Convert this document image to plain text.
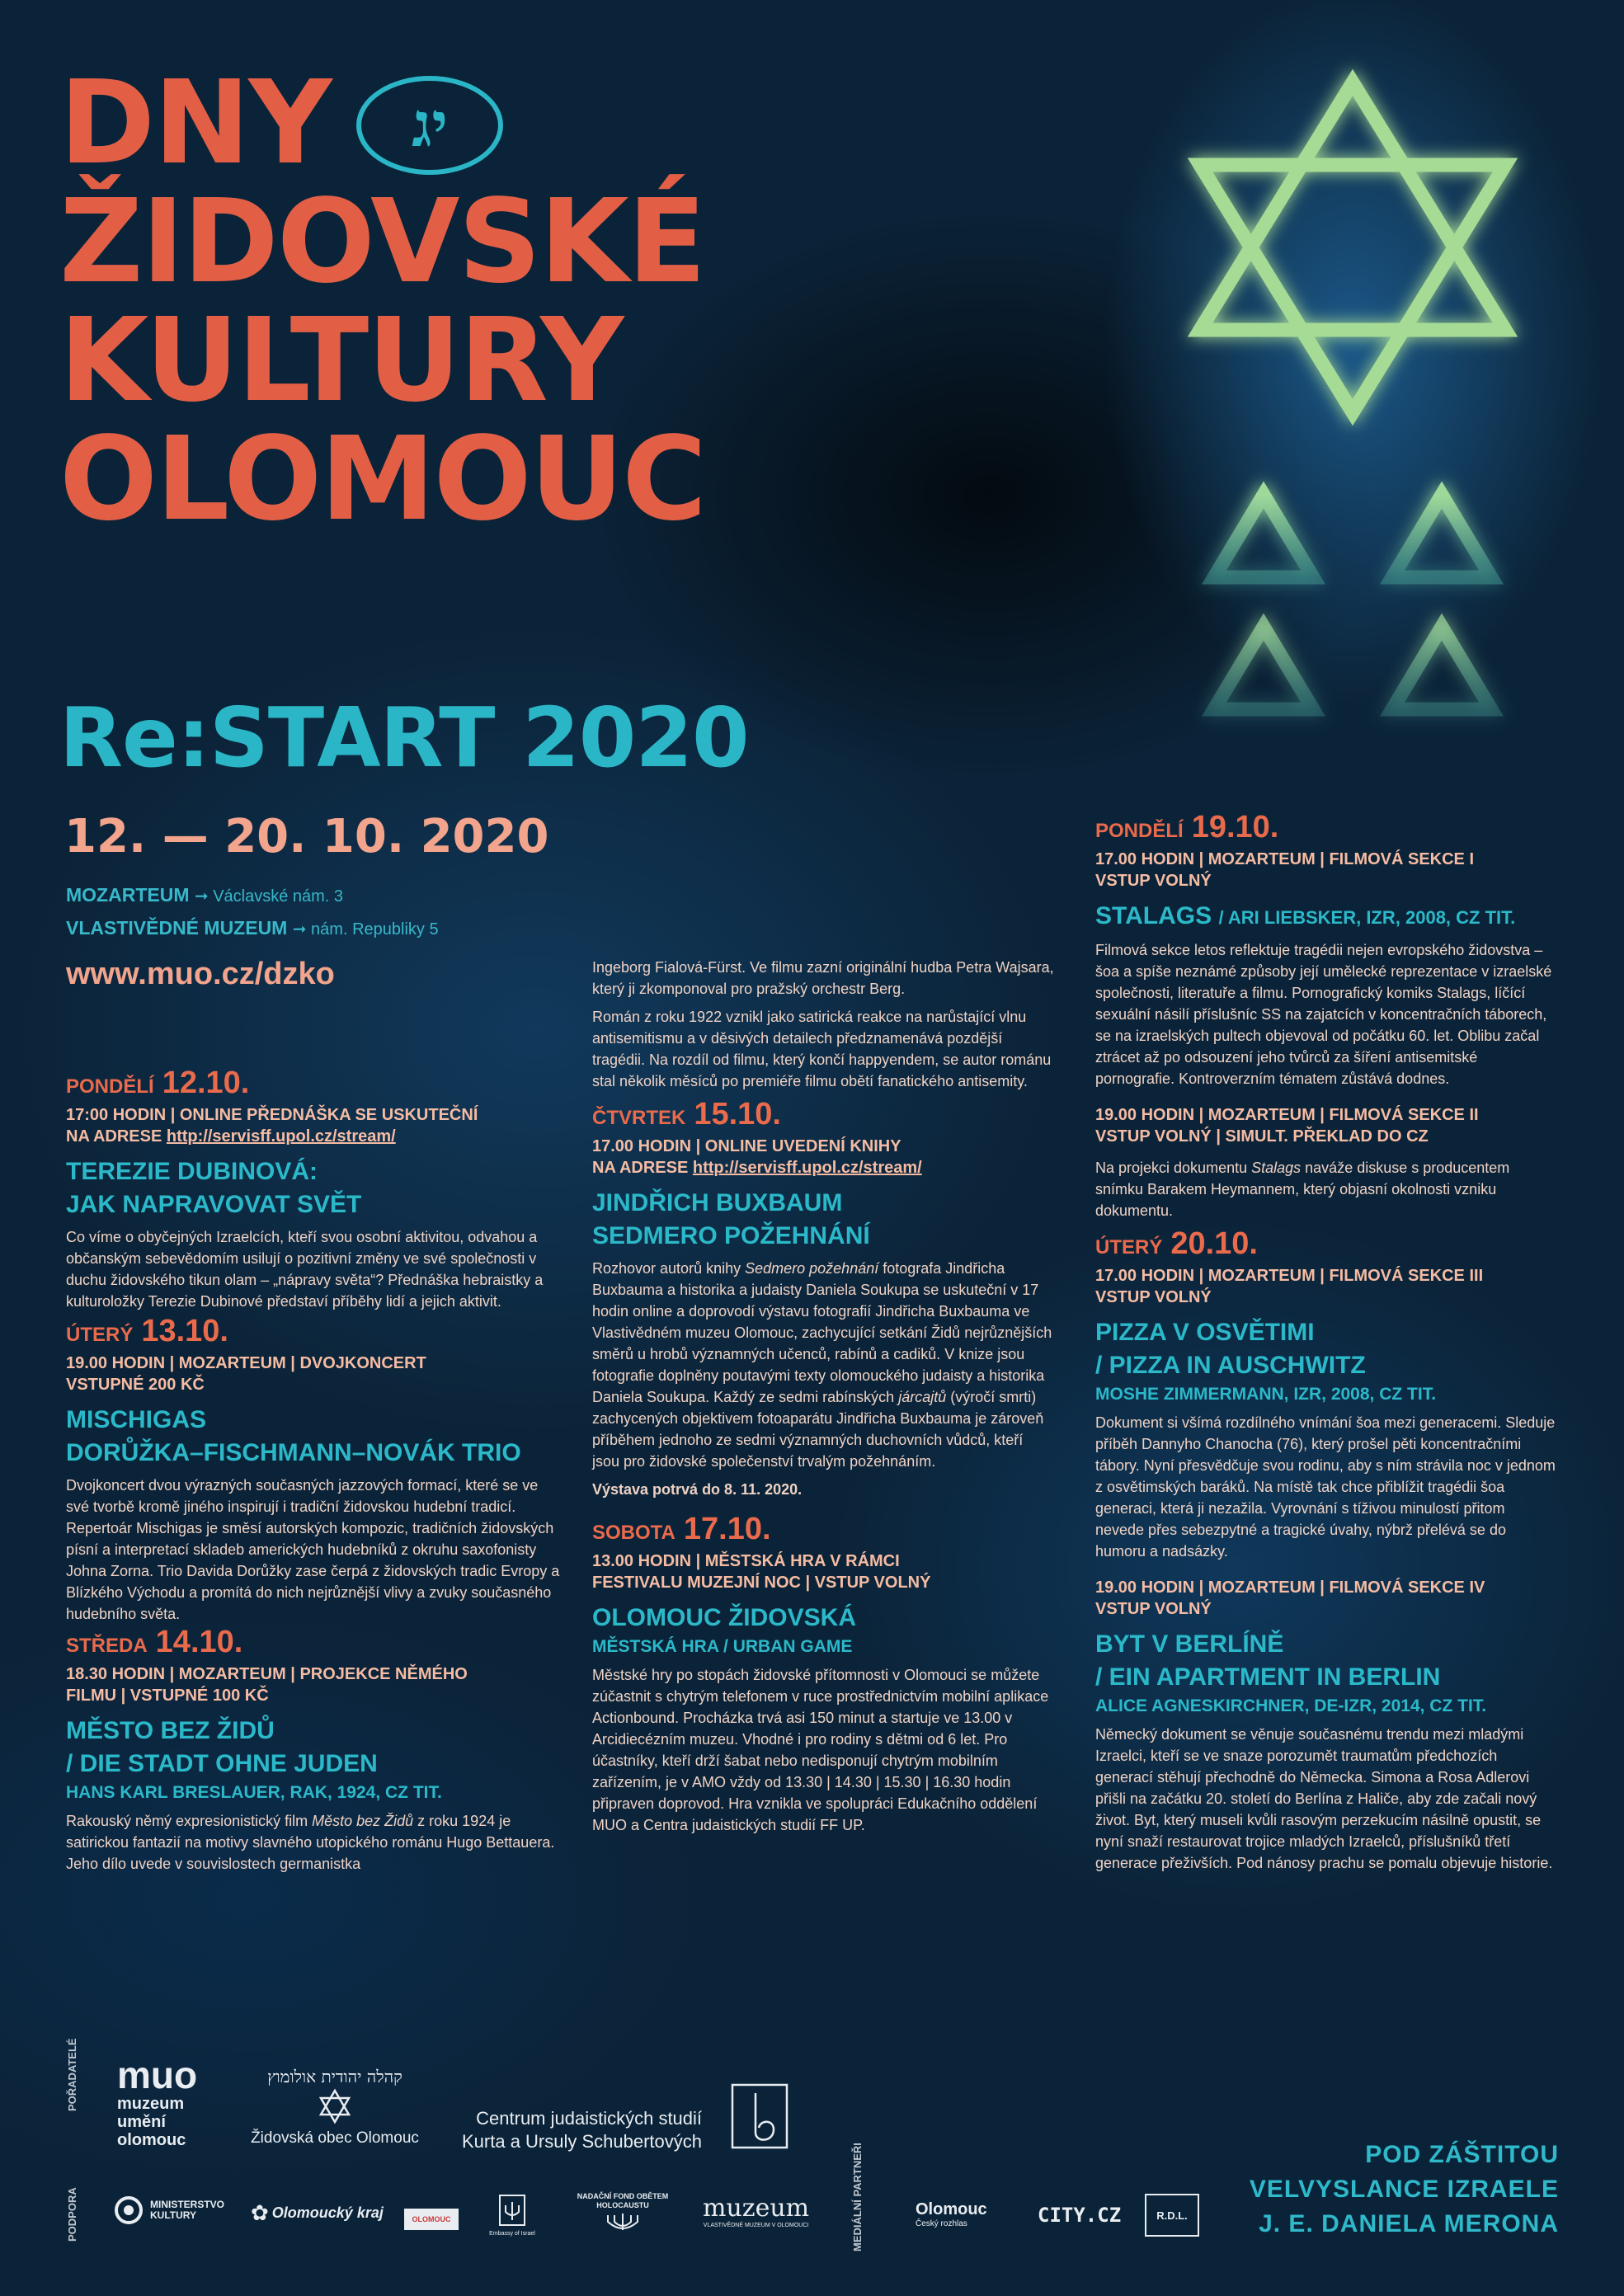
DNY
ŽIDOVSKÉ
KULTURY
OLOMOUC
יג
Re:START 2020
12. — 20. 10. 2020
MOZARTEUM ➞ Václavské nám. 3
VLASTIVĚDNÉ MUZEUM ➞ nám. Republiky 5
www.muo.cz/dzko
PONDĚLÍ 12.10.
17:00 HODIN | ONLINE PŘEDNÁŠKA SE USKUTEČNÍ
NA ADRESE http://servisff.upol.cz/stream/
TEREZIE DUBINOVÁ:
JAK NAPRAVOVAT SVĚT

Co víme o obyčejných Izraelcích, kteří svou osobní aktivitou, odvahou a občanským sebevědomím usilují o pozitivní změny ve své společnosti v duchu židovského tikun olam – „nápravy světa“? Přednáška hebraistky a kulturoložky Terezie Dubinové představí příběhy lidí a jejich aktivit.

ÚTERÝ 13.10.
19.00 HODIN | MOZARTEUM | DVOJKONCERT
VSTUPNÉ 200 KČ
MISCHIGAS
DORŮŽKA–FISCHMANN–NOVÁK TRIO

Dvojkoncert dvou výrazných současných jazzových formací, které se ve své tvorbě kromě jiného inspirují i tradiční židovskou hudební tradicí. Repertoár Mischigas je směsí autorských kompozic, tradičních židovských písní a interpretací skladeb amerických hudebníků z okruhu saxofonisty Johna Zorna. Trio Davida Dorůžky zase čerpá z židovských tradic Evropy a Blízkého Východu a promítá do nich nejrůznější vlivy a zvuky současného hudebního světa.

STŘEDA 14.10.
18.30 HODIN | MOZARTEUM | PROJEKCE NĚMÉHO
FILMU | VSTUPNÉ 100 KČ
MĚSTO BEZ ŽIDŮ
/ DIE STADT OHNE JUDEN
HANS KARL BRESLAUER, RAK, 1924, CZ TIT.

Rakouský němý expresionistický film Město bez Židů z roku 1924 je satirickou fantazií na motivy slavného utopického románu Hugo Bettauera. Jeho dílo uvede v souvislostech germanistka

Ingeborg Fialová-Fürst. Ve filmu zazní originální hudba Petra Wajsara, který ji zkomponoval pro pražský orchestr Berg.

Román z roku 1922 vznikl jako satirická reakce na narůstající vlnu antisemitismu a v děsivých detailech předznamenává pozdější tragédii. Na rozdíl od filmu, který končí happyendem, se autor románu stal několik měsíců po premiéře filmu obětí fanatického antisemity.

ČTVRTEK 15.10.
17.00 HODIN | ONLINE UVEDENÍ KNIHY
NA ADRESE http://servisff.upol.cz/stream/
JINDŘICH BUXBAUM
SEDMERO POŽEHNÁNÍ

Rozhovor autorů knihy Sedmero požehnání fotografa Jindřicha Buxbauma a historika a judaisty Daniela Soukupa se uskuteční v 17 hodin online a doprovodí výstavu fotografií Jindřicha Buxbauma ve Vlastivědném muzeu Olomouc, zachycující setkání Židů nejrůznějších směrů u hrobů významných učenců, rabínů a cadiků. V knize jsou fotografie doplněny poutavými texty olomouckého judaisty a historika Daniela Soukupa. Každý ze sedmi rabínských járcajtů (výročí smrti) zachycených objektivem fotoaparátu Jindřicha Buxbauma je zároveň příběhem jednoho ze sedmi významných duchovních vůdců, kteří jsou pro židovské společenství trvalým požehnáním.

Výstava potrvá do 8. 11. 2020.

SOBOTA 17.10.
13.00 HODIN | MĚSTSKÁ HRA V RÁMCI
FESTIVALU MUZEJNÍ NOC | VSTUP VOLNÝ
OLOMOUC ŽIDOVSKÁ
MĚSTSKÁ HRA / URBAN GAME

Městské hry po stopách židovské přítomnosti v Olomouci se můžete zúčastnit s chytrým telefonem v ruce prostřednictvím mobilní aplikace Actionbound. Procházka trvá asi 150 minut a startuje ve 13.00 v Arcidiecézním muzeu. Vhodné i pro rodiny s dětmi od 6 let. Pro účastníky, kteří drží šabat nebo nedisponují chytrým mobilním zařízením, je v AMO vždy od 13.30 | 14.30 | 15.30 | 16.30 hodin připraven doprovod. Hra vznikla ve spolupráci Edukačního oddělení MUO a Centra judaistických studií FF UP.

PONDĚLÍ 19.10.
17.00 HODIN | MOZARTEUM | FILMOVÁ SEKCE I
VSTUP VOLNÝ
STALAGS / ARI LIEBSKER, IZR, 2008, CZ TIT.

Filmová sekce letos reflektuje tragédii nejen evropského židovstva – šoa a spíše neznámé způsoby její umělecké reprezentace v izraelské společnosti, literatuře a filmu. Pornografický komiks Stalags, líčící sexuální násilí příslušníc SS na zajatcích v koncentračních táborech, se na izraelských pultech objevoval od počátku 60. let. Oblibu začal ztrácet až po odsouzení jeho tvůrců za šíření antisemitské pornografie. Kontroverzním tématem zůstává dodnes.

19.00 HODIN | MOZARTEUM | FILMOVÁ SEKCE II
VSTUP VOLNÝ | SIMULT. PŘEKLAD DO CZ

Na projekci dokumentu Stalags naváže diskuse s producentem snímku Barakem Heymannem, který objasní okolnosti vzniku dokumentu.

ÚTERÝ 20.10.
17.00 HODIN | MOZARTEUM | FILMOVÁ SEKCE III
VSTUP VOLNÝ
PIZZA V OSVĚTIMI
/ PIZZA IN AUSCHWITZ
MOSHE ZIMMERMANN, IZR, 2008, CZ TIT.

Dokument si všímá rozdílného vnímání šoa mezi generacemi. Sleduje příběh Dannyho Chanocha (76), který prošel pěti koncentračními tábory. Nyní přesvědčuje svou rodinu, aby s ním strávila noc v jednom z osvětimských baráků. Na místě tak chce přiblížit tragédii šoa generaci, která ji nezažila. Vyrovnání s tíživou minulostí přitom nevede přes sebezpytné a tragické úvahy, nýbrž přelévá se do humoru a nadsázky.

19.00 HODIN | MOZARTEUM | FILMOVÁ SEKCE IV
VSTUP VOLNÝ
BYT V BERLÍNĚ
/ EIN APARTMENT IN BERLIN
ALICE AGNESKIRCHNER, DE-IZR, 2014, CZ TIT.

Německý dokument se věnuje současnému trendu mezi mladými Izraelci, kteří se ve snaze porozumět traumatům předchozích generací stěhují přechodně do Německa. Simona a Rosa Adlerovi přišli na začátku 20. století do Berlína z Haliče, aby zde začali nový život. Byt, který museli kvůli rasovým perzekucím násilně opustit, se nyní snaží restaurovat trojice mladých Izraelců, příslušníků třetí generace přeživších. Pod nánosy prachu se pomalu objevuje historie.

POŘADATELÉ muo
muzeum
umění
olomouc
קהלה יהודית אולומוץ
Židovská obec Olomouc
Centrum judaistických studií
Kurta a Ursuly Schubertových
PODPORA	MINISTERSTVO KULTURY	✿ Olomoucký kraj	OLOMOUC
Embassy of Israel
NADAČNÍ FOND OBĚTEM HOLOCAUSTU	muzeum
VLASTIVĚDNÉ MUZEUM V OLOMOUCI	MEDIÁLNÍ PARTNEŘI	Olomouc
Český rozhlas	CITY.CZ	R.D.L.
POD ZÁŠTITOU
VELVYSLANCE IZRAELE
J. E. DANIELA MERONA
